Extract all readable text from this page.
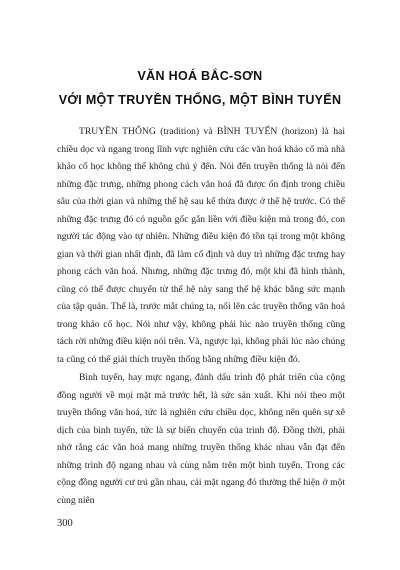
VĂN HOÁ BẮC-SƠN
VỚI MỘT TRUYỀN THỐNG, MỘT BÌNH TUYẾN

TRUYỀN THỐNG (tradition) và BÌNH TUYẾN (horizon) là hai chiều dọc và ngang trong lĩnh vực nghiên cứu các văn hoá khảo cổ mà nhà khảo cổ học không thể không chú ý đến. Nói đến truyền thống là nói đến những đặc trưng, những phong cách văn hoá đã được ổn định trong chiều sâu của thời gian và những thế hệ sau kế thừa được ở thế hệ trước. Có thể những đặc trưng đó có nguồn gốc gắn liền với điều kiện mà trong đó, con người tác động vào tự nhiên. Những điều kiện đó tồn tại trong một không gian và thời gian nhất định, đã làm cố định và duy trì những đặc trưng hay phong cách văn hoá. Nhưng, những đặc trưng đó, một khi đã hình thành, cũng có thể được chuyển từ thế hệ này sang thế hệ khác bằng sức mạnh của tập quán. Thế là, trước mắt chúng ta, nổi lên các truyền thống văn hoá trong khảo cổ học. Nói như vậy, không phải lúc nào truyền thống cũng tách rời những điều kiện nói trên. Và, ngược lại, không phải lúc nào chúng ta cũng có thể giải thích truyền thống bằng những điều kiện đó.

Bình tuyến, hay mực ngang, đánh dấu trình độ phát triển của cộng đồng người về mọi mặt mà trước hết, là sức sản xuất. Khi nói theo một truyền thống văn hoá, tức là nghiên cứu chiều dọc, không nên quên sự xê dịch của bình tuyến, tức là sự biến chuyển của trình độ. Đồng thời, phải nhớ rằng các văn hoá mang những truyền thống khác nhau vẫn đạt đến những trình độ ngang nhau và cùng nằm trên một bình tuyến. Trong các cộng đồng người cư trú gần nhau, cái mặt ngang đó thường thể hiện ở một cùng niên

300
